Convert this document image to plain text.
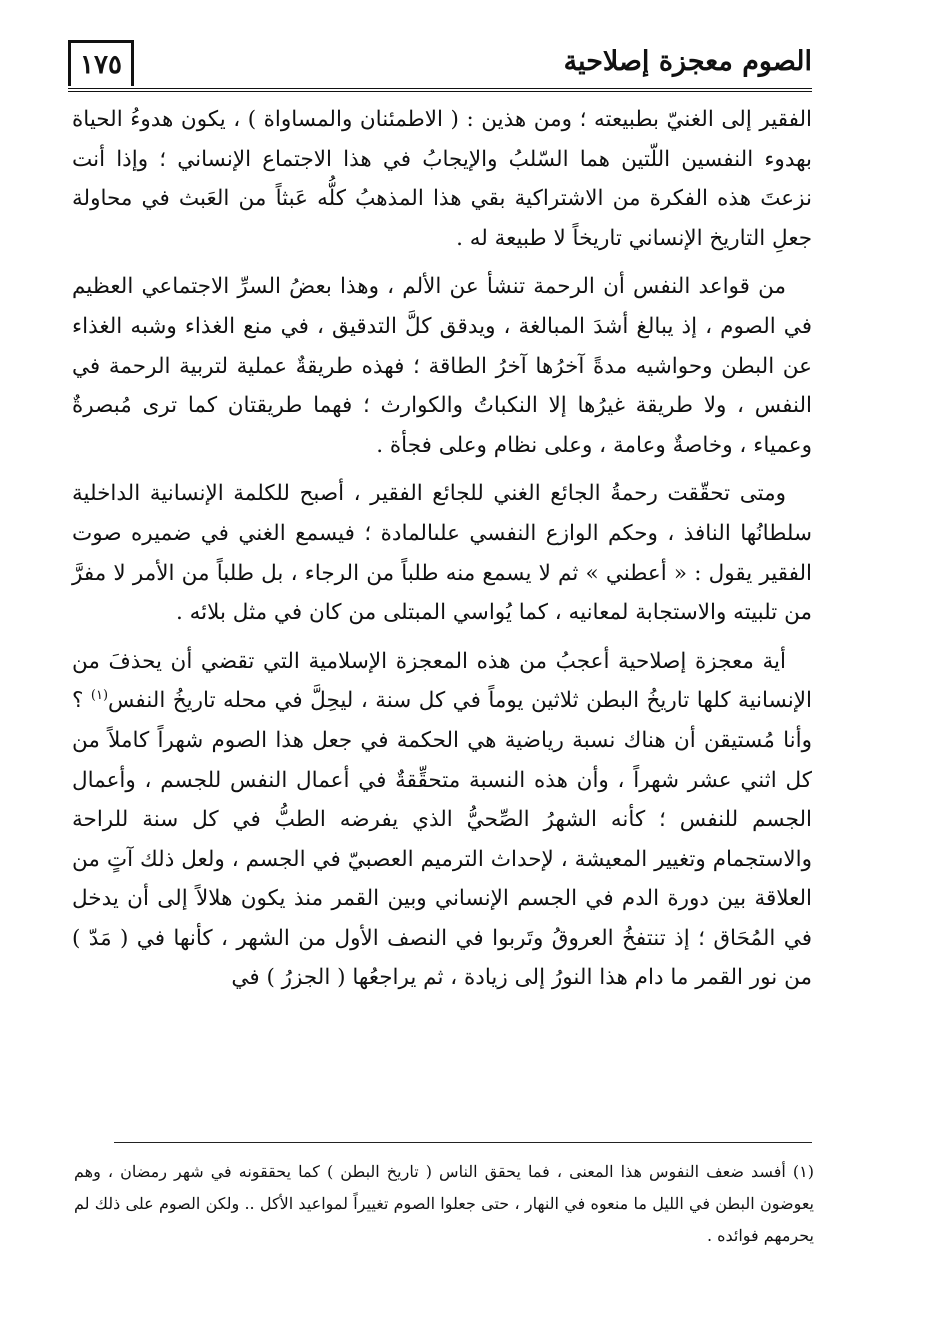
١٧٥	الصوم معجزة إصلاحية

الفقير إلى الغنيّ بطبيعته ؛ ومن هذين : ( الاطمئنان والمساواة ) ، يكون هدوءُ الحياة بهدوء النفسين اللّتين هما السّلبُ والإيجابُ في هذا الاجتماع الإنساني ؛ وإذا أنت نزعتَ هذه الفكرة من الاشتراكية بقي هذا المذهبُ كلُّه عَبثاً من العَبث في محاولة جعلِ التاريخ الإنساني تاريخاً لا طبيعة له .

من قواعد النفس أن الرحمة تنشأ عن الألم ، وهذا بعضُ السرِّ الاجتماعي العظيم في الصوم ، إذ يبالغ أشدَ المبالغة ، ويدقق كلَّ التدقيق ، في منع الغذاء وشبه الغذاء عن البطن وحواشيه مدةً آخرُها آخرُ الطاقة ؛ فهذه طريقةٌ عملية لتربية الرحمة في النفس ، ولا طريقة غيرُها إلا النكباتُ والكوارث ؛ فهما طريقتان كما ترى مُبصرةٌ وعمياء ، وخاصةٌ وعامة ، وعلى نظام وعلى فجأة .

ومتى تحقّقت رحمةُ الجائع الغني للجائع الفقير ، أصبح للكلمة الإنسانية الداخلية سلطانُها النافذ ، وحكم الوازع النفسي علىالمادة ؛ فيسمع الغني في ضميره صوت الفقير يقول : « أعطني » ثم لا يسمع منه طلباً من الرجاء ، بل طلباً من الأمر لا مفرَّ من تلبيته والاستجابة لمعانيه ، كما يُواسي المبتلى من كان في مثل بلائه .

أية معجزة إصلاحية أعجبُ من هذه المعجزة الإسلامية التي تقضي أن يحذفَ من الإنسانية كلها تاريخُ البطن ثلاثين يوماً في كل سنة ، ليحِلَّ في محله تاريخُ النفس$^{(١)}$ ؟ وأنا مُستيقن أن هناك نسبة رياضية هي الحكمة في جعل هذا الصوم شهراً كاملاً من كل اثني عشر شهراً ، وأن هذه النسبة متحقِّقةٌ في أعمال النفس للجسم ، وأعمال الجسم للنفس ؛ كأنه الشهرُ الصِّحيُّ الذي يفرضه الطبُّ في كل سنة للراحة والاستجمام وتغيير المعيشة ، لإحداث الترميم العصبيّ في الجسم ، ولعل ذلك آتٍ من العلاقة بين دورة الدم في الجسم الإنساني وبين القمر منذ يكون هلالاً إلى أن يدخل في المُحَاق ؛ إذ تنتفخُ العروقُ وتَربوا في النصف الأول من الشهر ، كأنها في ( مَدّ ) من نور القمر ما دام هذا النورُ إلى زيادة ، ثم يراجعُها ( الجزرُ ) في

(١) أفسد ضعف النفوس هذا المعنى ، فما يحقق الناس ( تاريخ البطن ) كما يحققونه في شهر رمضان ، وهم يعوضون البطن في الليل ما منعوه في النهار ، حتى جعلوا الصوم تغييراً لمواعيد الأكل .. ولكن الصوم على ذلك لم يحرمهم فوائده .
